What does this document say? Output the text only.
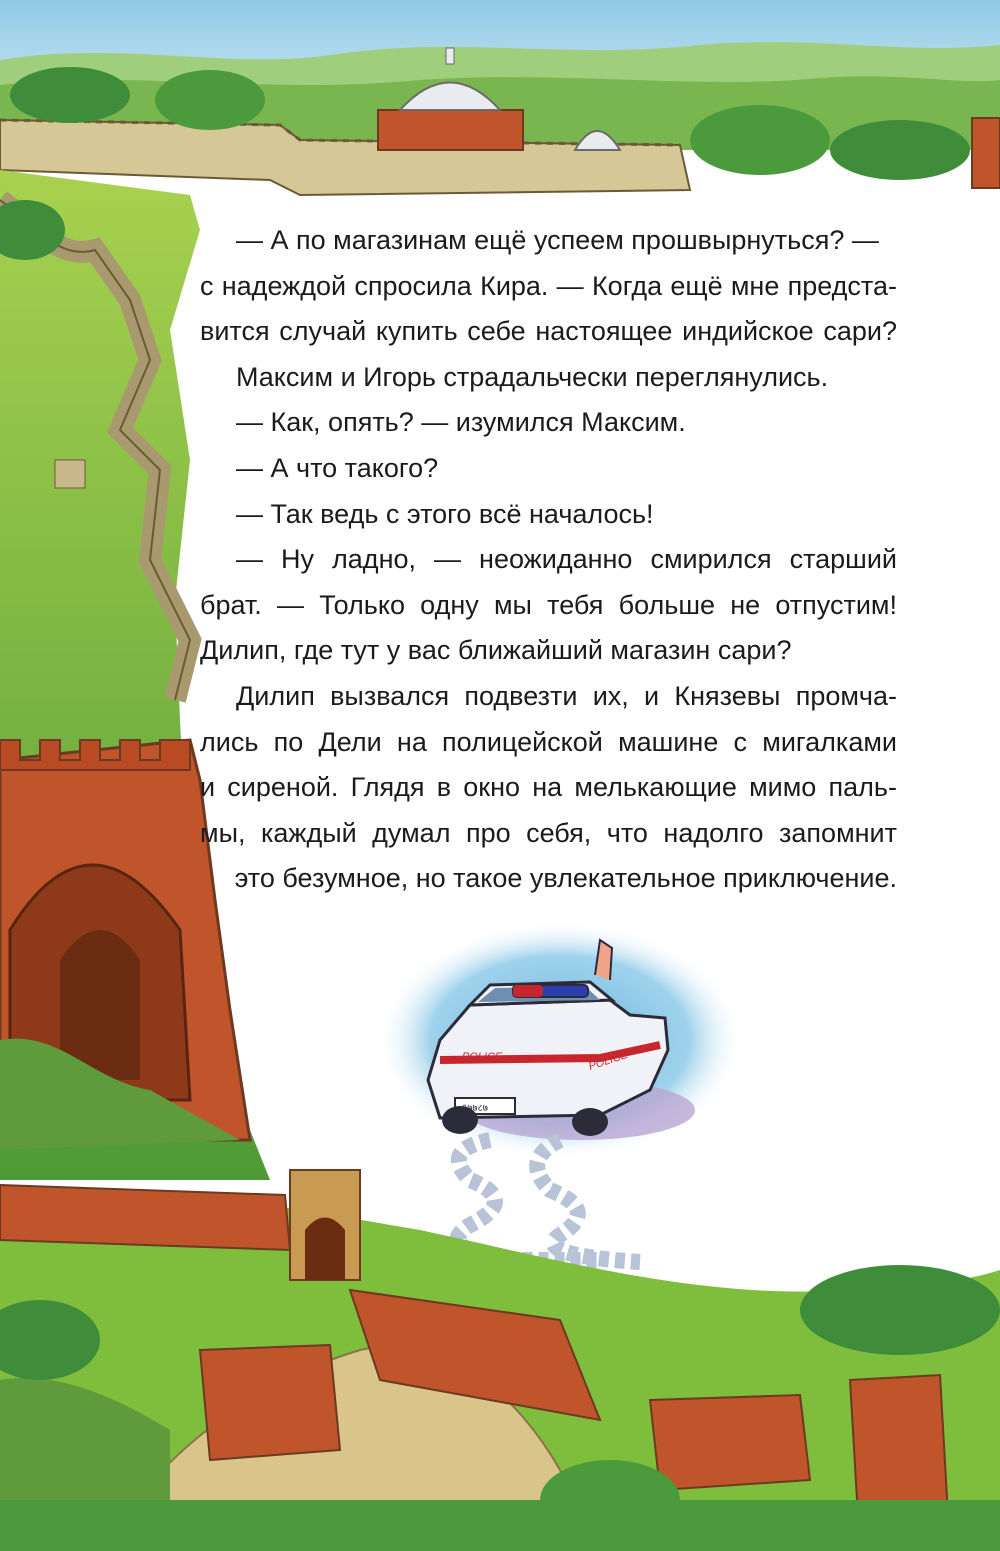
POLICE	POLICE
१७७८७

— А по магазинам ещё успеем прошвырнуться? —

с надеждой спросила Кира. — Когда ещё мне предста-

вится случай купить себе настоящее индийское сари?

Максим и Игорь страдальчески переглянулись.

— Как, опять? — изумился Максим.

— А что такого?

— Так ведь с этого всё началось!

— Ну ладно, — неожиданно смирился старший

брат. — Только одну мы тебя больше не отпустим!

Дилип, где тут у вас ближайший магазин сари?

Дилип вызвался подвезти их, и Князевы промча-

лись по Дели на полицейской машине с мигалками

и сиреной. Глядя в окно на мелькающие мимо паль-

мы, каждый думал про себя, что надолго запомнит

это безумное, но такое увлекательное приключение.
